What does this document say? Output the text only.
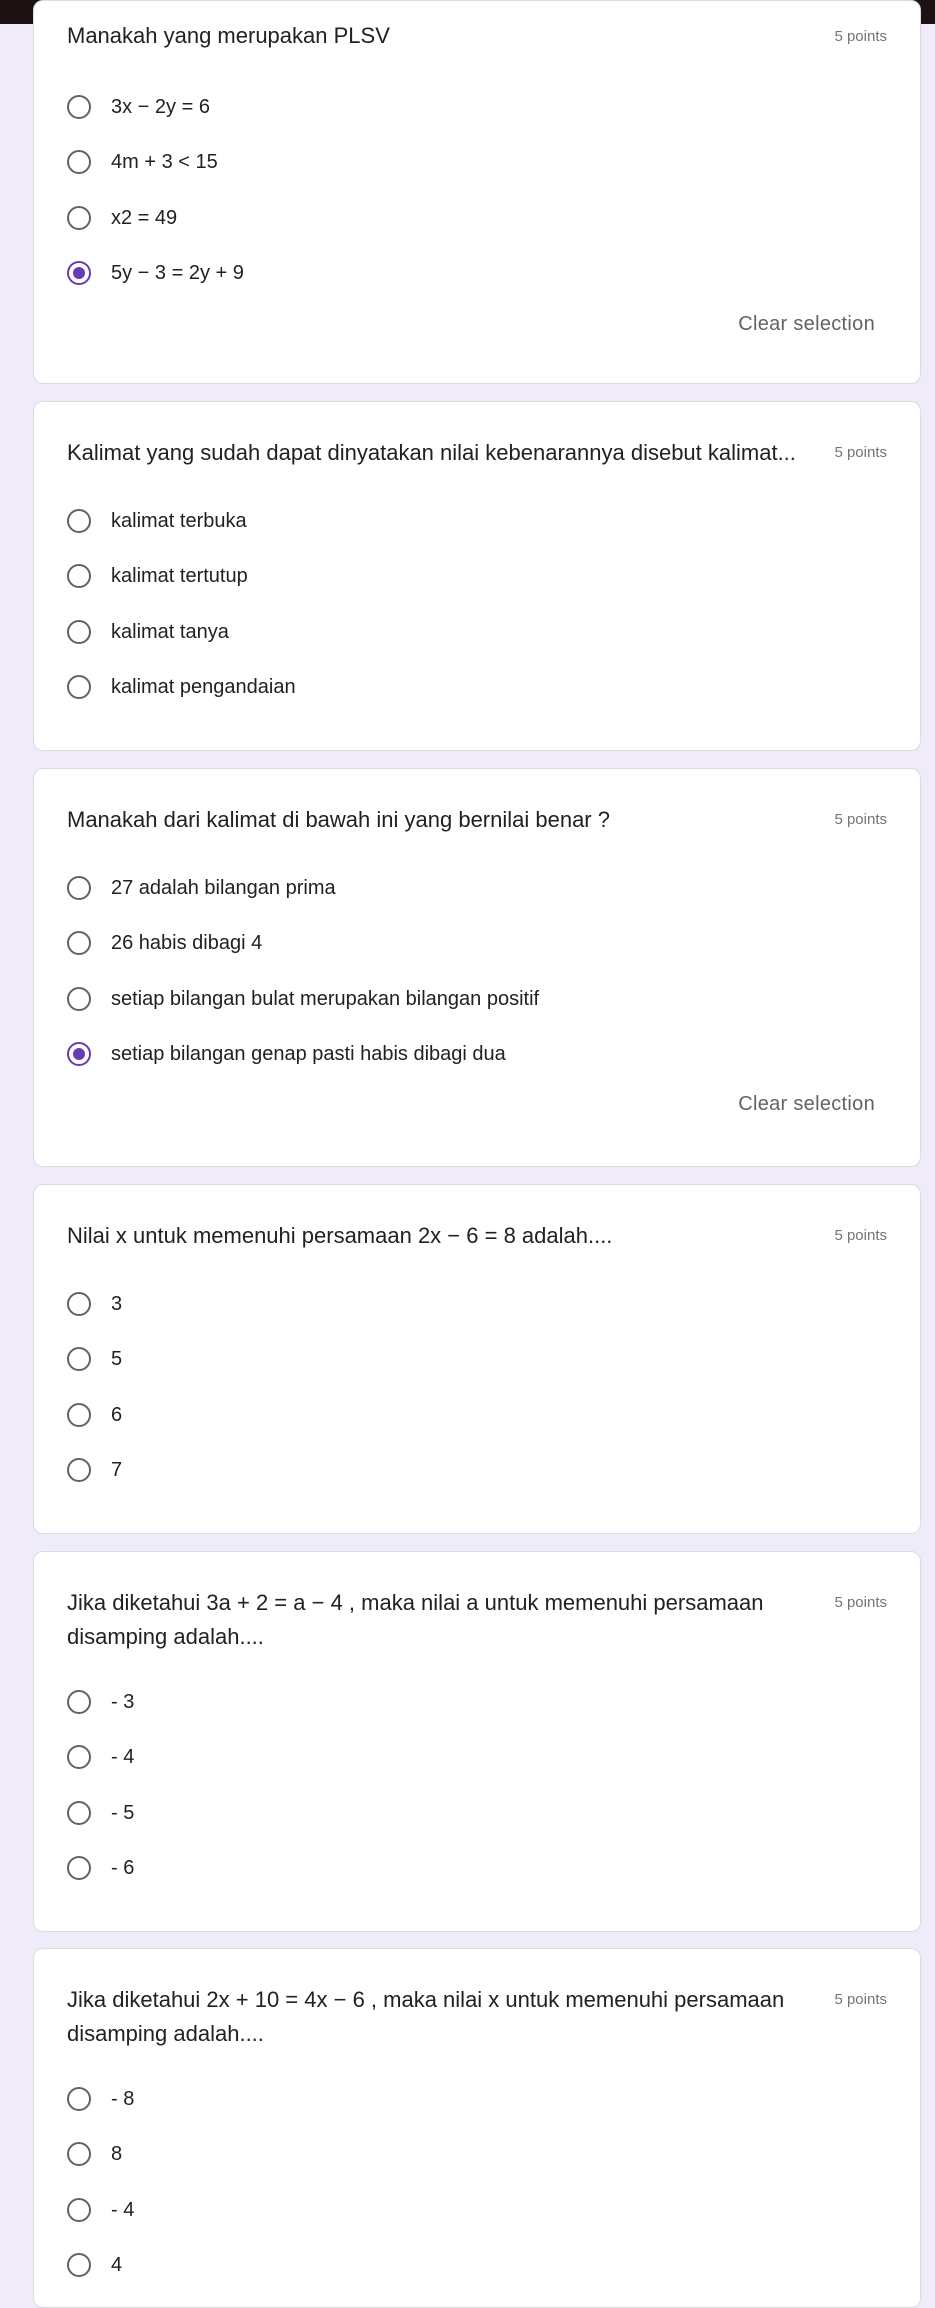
Manakah yang merupakan PLSV	5 points
3x − 2y = 6
4m + 3 < 15
x2 = 49
5y − 3 = 2y + 9
Clear selection
Kalimat yang sudah dapat dinyatakan nilai kebenarannya disebut kalimat...	5 points
kalimat terbuka
kalimat tertutup
kalimat tanya
kalimat pengandaian
Manakah dari kalimat di bawah ini yang bernilai benar ?	5 points
27 adalah bilangan prima
26 habis dibagi 4
setiap bilangan bulat merupakan bilangan positif
setiap bilangan genap pasti habis dibagi dua
Clear selection
Nilai x untuk memenuhi persamaan 2x − 6 = 8 adalah....	5 points
3
5
6
7
Jika diketahui 3a + 2 = a − 4 , maka nilai a untuk memenuhi persamaan disamping adalah....
5 points
- 3
- 4
- 5
- 6
Jika diketahui 2x + 10 = 4x − 6 , maka nilai x untuk memenuhi persamaan disamping adalah....
5 points
- 8
8
- 4
4
